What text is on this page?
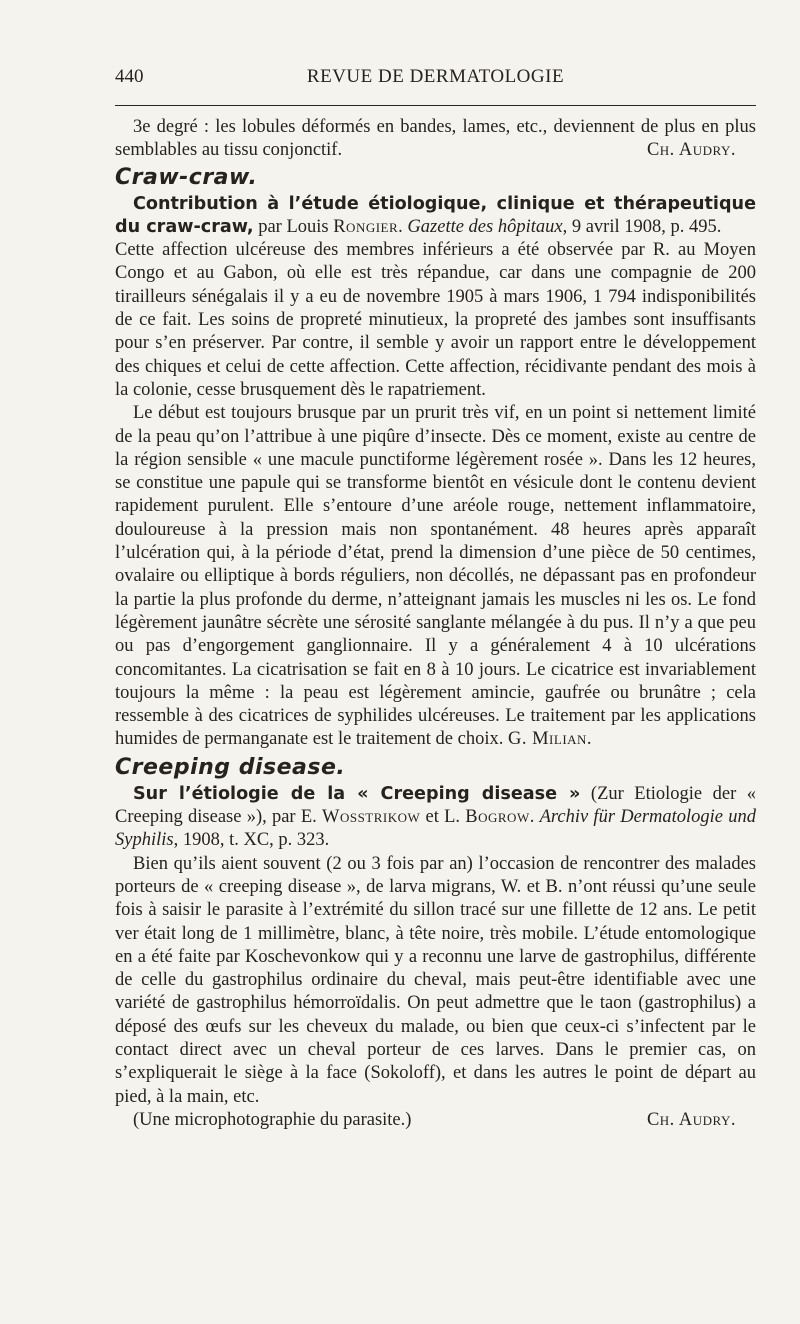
440	REVUE DE DERMATOLOGIE

3e degré : les lobules déformés en bandes, lames, etc., deviennent de plus en plus semblables au tissu conjonctif.	Ch. Audry.

Craw-craw.

Contribution à l’étude étiologique, clinique et thérapeutique du craw-craw, par Louis Rongier. Gazette des hôpitaux, 9 avril 1908, p. 495.

Cette affection ulcéreuse des membres inférieurs a été observée par R. au Moyen Congo et au Gabon, où elle est très répandue, car dans une compagnie de 200 tirailleurs sénégalais il y a eu de novembre 1905 à mars 1906, 1 794 indisponibilités de ce fait. Les soins de propreté minutieux, la propreté des jambes sont insuffisants pour s’en préserver. Par contre, il semble y avoir un rapport entre le développement des chiques et celui de cette affection. Cette affection, récidivante pendant des mois à la colonie, cesse brusquement dès le rapatriement.

Le début est toujours brusque par un prurit très vif, en un point si nettement limité de la peau qu’on l’attribue à une piqûre d’insecte. Dès ce moment, existe au centre de la région sensible « une macule punctiforme légèrement rosée ». Dans les 12 heures, se constitue une papule qui se transforme bientôt en vésicule dont le contenu devient rapidement purulent. Elle s’entoure d’une aréole rouge, nettement inflammatoire, douloureuse à la pression mais non spontanément. 48 heures après apparaît l’ulcération qui, à la période d’état, prend la dimension d’une pièce de 50 centimes, ovalaire ou elliptique à bords réguliers, non décollés, ne dépassant pas en profondeur la partie la plus profonde du derme, n’atteignant jamais les muscles ni les os. Le fond légèrement jaunâtre sécrète une sérosité sanglante mélangée à du pus. Il n’y a que peu ou pas d’engorgement ganglionnaire. Il y a généralement 4 à 10 ulcérations concomitantes. La cicatrisation se fait en 8 à 10 jours. Le cicatrice est invariablement toujours la même : la peau est légèrement amincie, gaufrée ou brunâtre ; cela ressemble à des cicatrices de syphilides ulcéreuses. Le traitement par les applications humides de permanganate est le traitement de choix. G. Milian.

Creeping disease.

Sur l’étiologie de la « Creeping disease » (Zur Etiologie der « Creeping disease »), par E. Wosstrikow et L. Bogrow. Archiv für Dermatologie und Syphilis, 1908, t. XC, p. 323.

Bien qu’ils aient souvent (2 ou 3 fois par an) l’occasion de rencontrer des malades porteurs de « creeping disease », de larva migrans, W. et B. n’ont réussi qu’une seule fois à saisir le parasite à l’extrémité du sillon tracé sur une fillette de 12 ans. Le petit ver était long de 1 millimètre, blanc, à tête noire, très mobile. L’étude entomologique en a été faite par Koschevonkow qui y a reconnu une larve de gastrophilus, différente de celle du gastrophilus ordinaire du cheval, mais peut-être identifiable avec une variété de gastrophilus hémorroïdalis. On peut admettre que le taon (gastrophilus) a déposé des œufs sur les cheveux du malade, ou bien que ceux-ci s’infectent par le contact direct avec un cheval porteur de ces larves. Dans le premier cas, on s’expliquerait le siège à la face (Sokoloff), et dans les autres le point de départ au pied, à la main, etc.

(Une microphotographie du parasite.)	Ch. Audry.
